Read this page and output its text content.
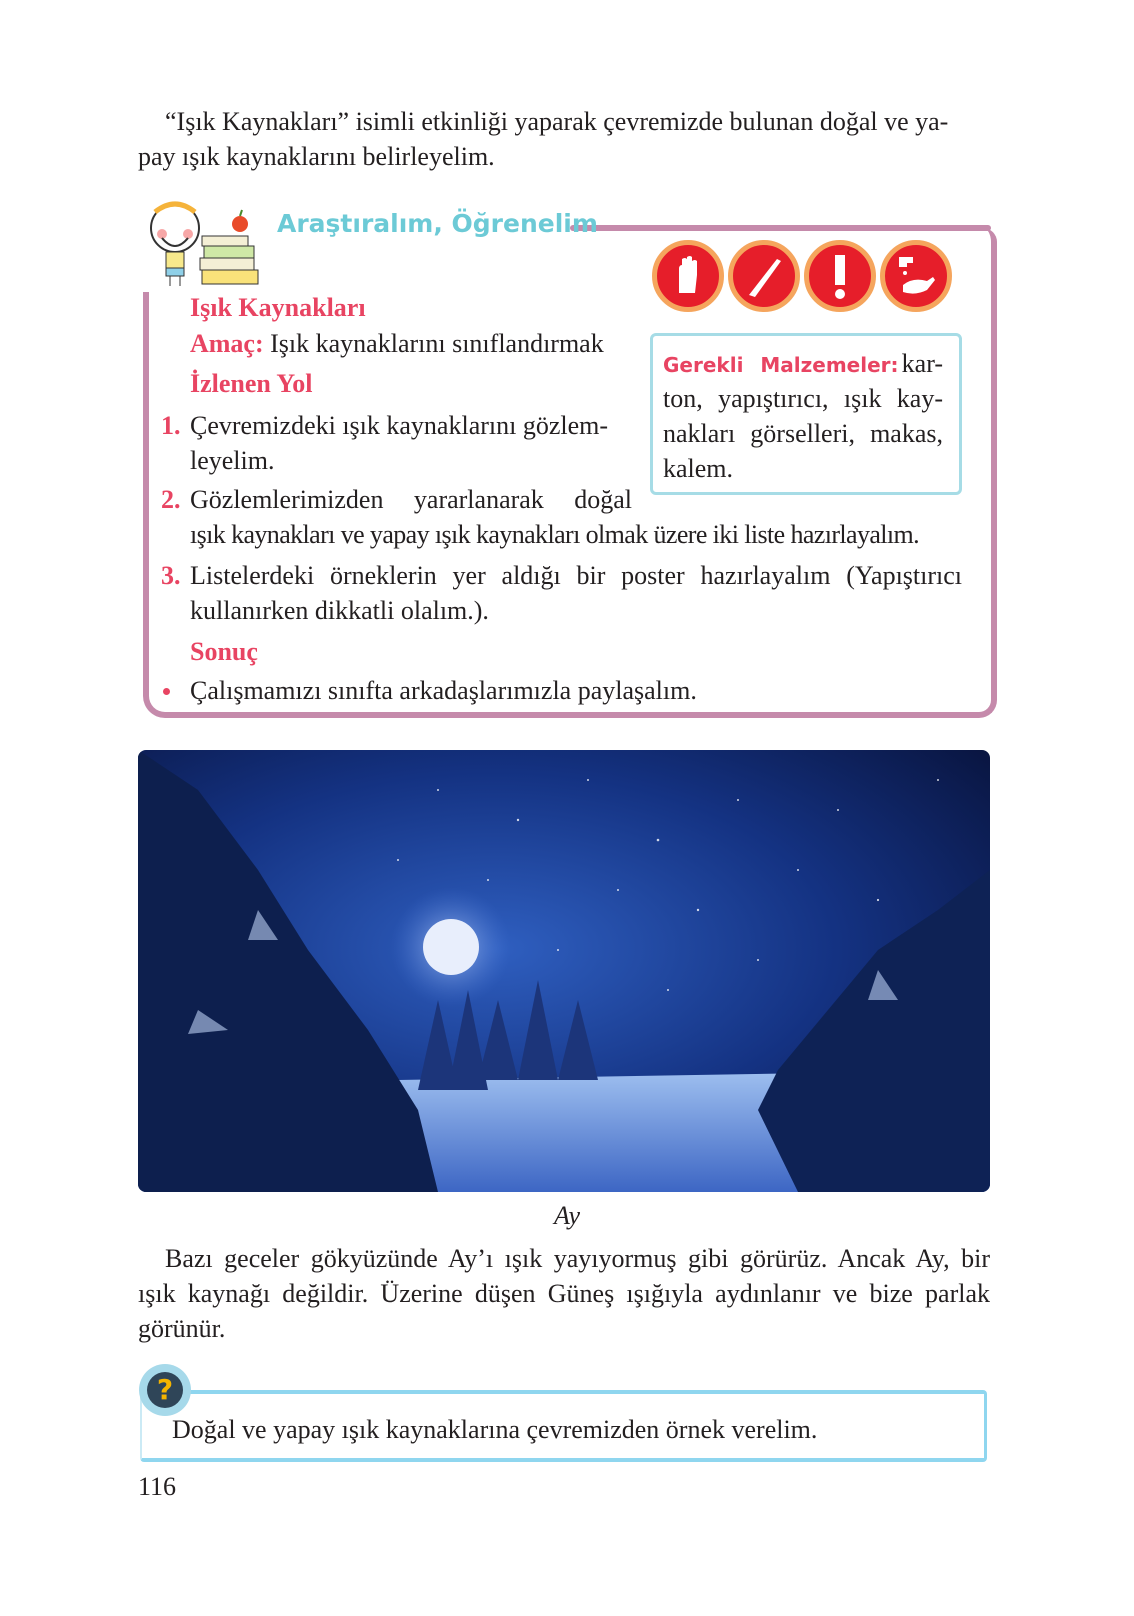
“Işık Kaynakları” isimli etkinliği yaparak çevremizde bulunan doğal ve ya-
pay ışık kaynaklarını belirleyelim.
Araştıralım, Öğrenelim
Gerekli Malzemeler: kar-
ton, yapıştırıcı, ışık kay-
nakları görselleri, makas,
kalem.
Işık Kaynakları
Amaç: Işık kaynaklarını sınıflandırmak
İzlenen Yol
1. Çevremizdeki ışık kaynaklarını gözlem-
leyelim.
2. Gözlemlerimizden yararlanarak doğal
ışık kaynakları ve yapay ışık kaynakları olmak üzere iki liste hazırlayalım.
3. Listelerdeki örneklerin yer aldığı bir poster hazırlayalım (Yapıştırıcı
kullanırken dikkatli olalım.).
Sonuç
Çalışmamızı sınıfta arkadaşlarımızla paylaşalım.
Ay
Bazı geceler gökyüzünde Ay’ı ışık yayıyormuş gibi görürüz. Ancak Ay, bir
ışık kaynağı değildir. Üzerine düşen Güneş ışığıyla aydınlanır ve bize parlak
görünür.
?
Doğal ve yapay ışık kaynaklarına çevremizden örnek verelim.
116
